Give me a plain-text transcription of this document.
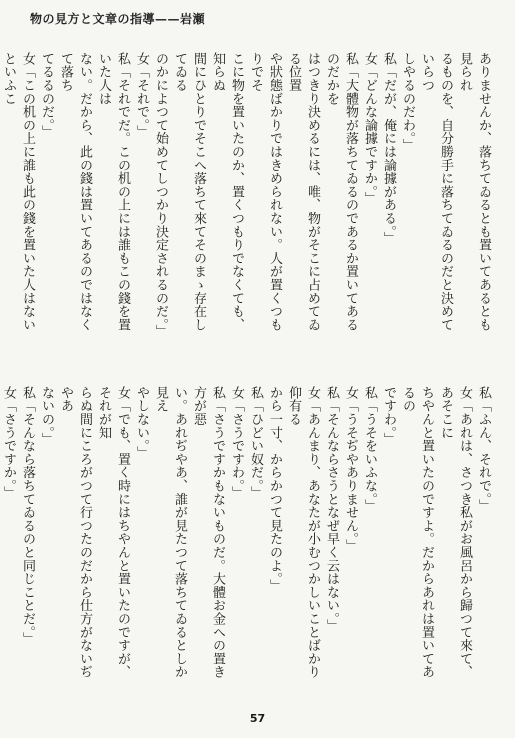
物の見方と文章の指導——岩瀬

ありませんか、落ちてゐるとも置いてあるとも見られ

るものを、自分勝手に落ちてゐるのだと決めていらつ

しやるのだわ。」

私「だが、俺には論據がある。」

女「どんな論據ですか。」

私「大體物が落ちてゐるのであるか置いてあるのだかを

はつきり決めるには、唯、物がそこに占めてゐる位置

や狀態ばかりではきめられない。人が置くつもりでそ

こに物を置いたのか、置くつもりでなくても、知らぬ

間にひとりでそこへ落ちて來てそのまゝ存在してゐる

のかによつて始めてしつかり決定されるのだ。」

女「それで。」

私「それでだ。この机の上には誰もこの錢を置いた人は

ない。だから、此の錢は置いてあるのではなくて落ち

てるるのだ。」

女「この机の上に誰も此の錢を置いた人はないといふこ

私「ふん、それで。」

女「あれは、さつき私がお風呂から歸つて來て、あそこに

ちやんと置いたのですよ。だからあれは置いてあるの

ですわ。」

私「うそをいふな。」

女「うそぢやありません。」

私「そんならさうとなぜ早く云はない。」

女「あんまり、あなたが小むつかしいことばかり仰有る

から一寸、からかつて見たのよ。」

私「ひどい奴だ。」

女「さうですわ。」

私「さうですかもないものだ。大體お金への置き方が惡

い。あれぢやあ、誰が見たつて落ちてゐるとしか見え

やしない。」

女「でも、置く時にはちやんと置いたのですが、それが知

らぬ間にころがつて行つたのだから仕方がないぢやあ

ないの。」

私「そんなら落ちてゐるのと同じことだ。」

女「さうですか。」

57
